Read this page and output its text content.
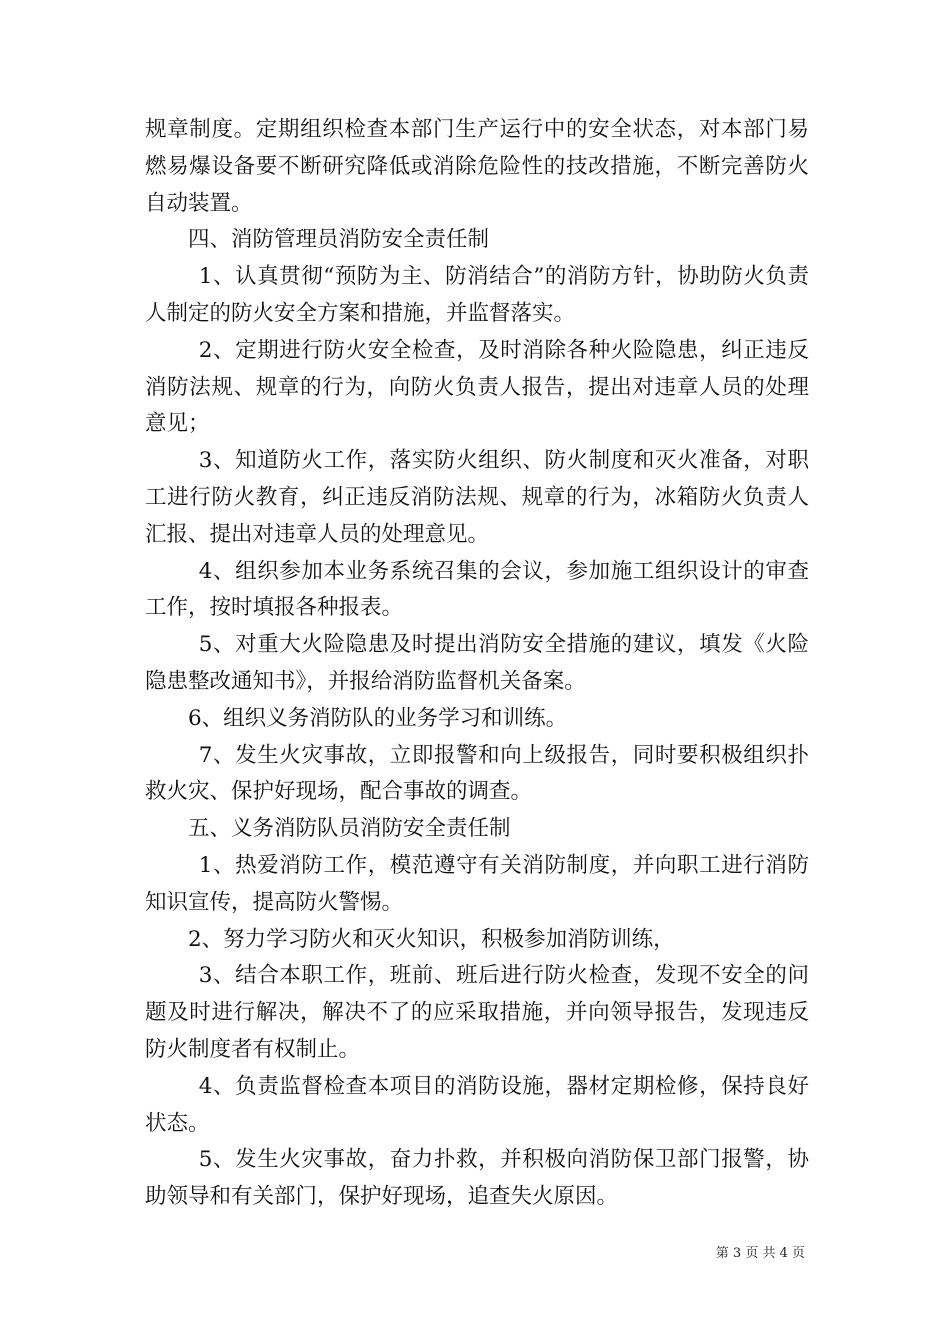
规章制度。定期组织检查本部门生产运行中的安全状态，对本部门易燃易爆设备要不断研究降低或消除危险性的技改措施，不断完善防火自动装置。

四、消防管理员消防安全责任制

1、认真贯彻“预防为主、防消结合”的消防方针，协助防火负责人制定的防火安全方案和措施，并监督落实。

2、定期进行防火安全检查，及时消除各种火险隐患，纠正违反消防法规、规章的行为，向防火负责人报告，提出对违章人员的处理意见；

3、知道防火工作，落实防火组织、防火制度和灭火准备，对职工进行防火教育，纠正违反消防法规、规章的行为，冰箱防火负责人汇报、提出对违章人员的处理意见。

4、组织参加本业务系统召集的会议，参加施工组织设计的审查工作，按时填报各种报表。

5、对重大火险隐患及时提出消防安全措施的建议，填发《火险隐患整改通知书》，并报给消防监督机关备案。

6、组织义务消防队的业务学习和训练。

7、发生火灾事故，立即报警和向上级报告，同时要积极组织扑救火灾、保护好现场，配合事故的调查。

五、义务消防队员消防安全责任制

1、热爱消防工作，模范遵守有关消防制度，并向职工进行消防知识宣传，提高防火警惕。

2、努力学习防火和灭火知识，积极参加消防训练，

3、结合本职工作，班前、班后进行防火检查，发现不安全的问题及时进行解决，解决不了的应采取措施，并向领导报告，发现违反防火制度者有权制止。

4、负责监督检查本项目的消防设施，器材定期检修，保持良好状态。

5、发生火灾事故，奋力扑救，并积极向消防保卫部门报警，协助领导和有关部门，保护好现场，追查失火原因。

第 3 页 共 4 页
